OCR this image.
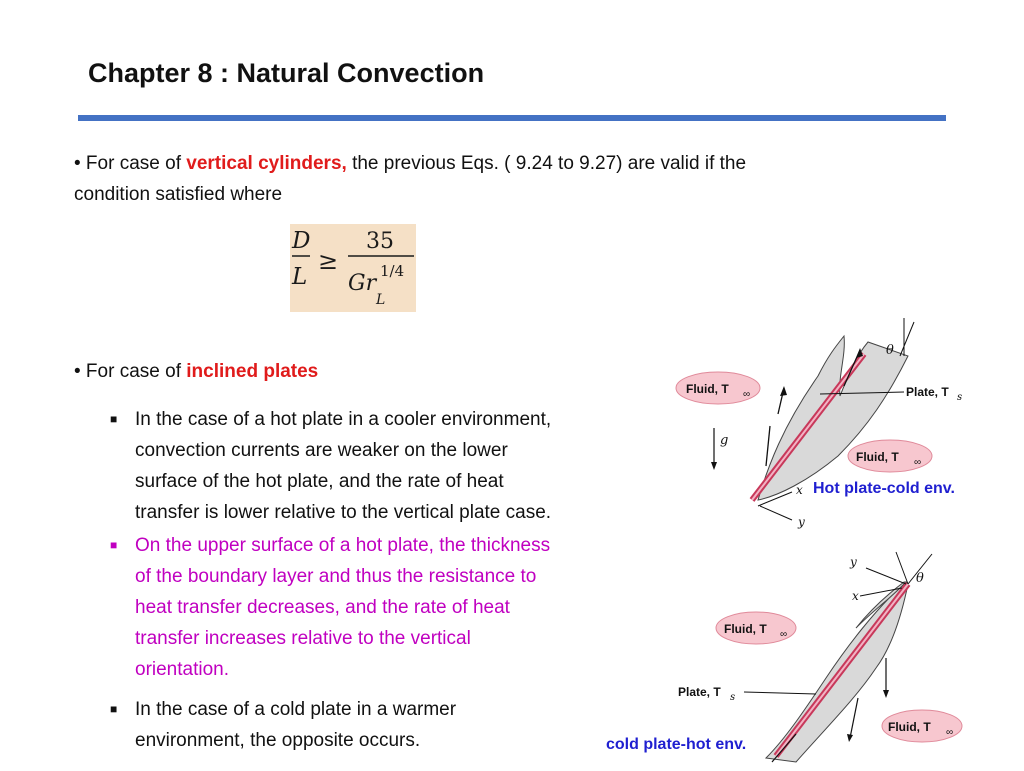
Chapter 8 : Natural Convection
• For case of vertical cylinders, the previous Eqs. ( 9.24 to 9.27) are valid if the
condition satisfied where
D
L
≥
35
Gr
L
1/4
• For case of inclined plates
■ In the case of a hot plate in a cooler environment,
convection currents are weaker on the lower
surface of the hot plate, and the rate of heat
transfer is lower relative to the vertical plate case.
■ On the upper surface of a hot plate, the thickness
of the boundary layer and thus the resistance to
heat transfer decreases, and the rate of heat
transfer increases relative to the vertical
orientation.
■ In the case of a cold plate in a warmer
environment, the opposite occurs.
θ
Plate, T s
Fluid, T ∞
Fluid, T ∞
g
x
y
Hot plate-cold env.
θ
y
x
Fluid, T ∞
Plate, T s
Fluid, T ∞
cold plate-hot env.
